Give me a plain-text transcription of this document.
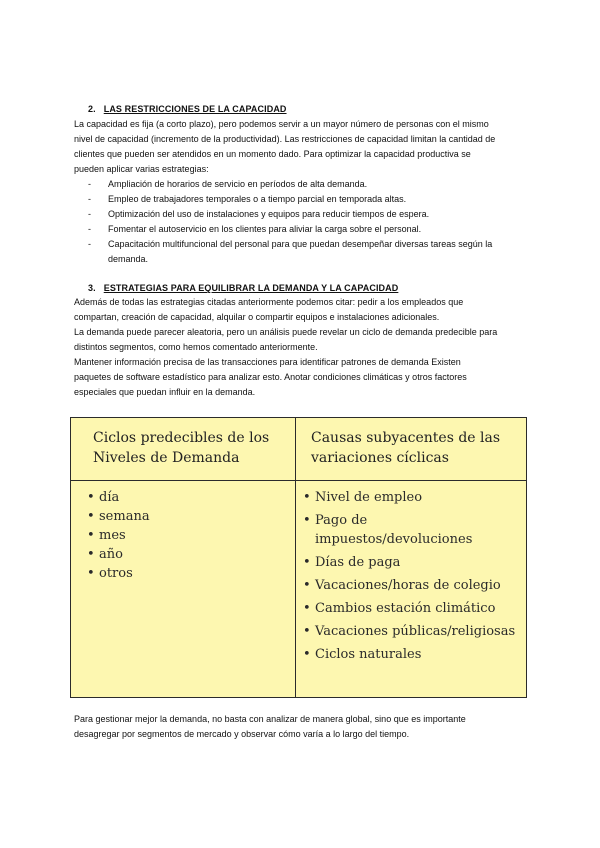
2. LAS RESTRICCIONES DE LA CAPACIDAD
La capacidad es fija (a corto plazo), pero podemos servir a un mayor número de personas con el mismo
nivel de capacidad (incremento de la productividad). Las restricciones de capacidad limitan la cantidad de
clientes que pueden ser atendidos en un momento dado. Para optimizar la capacidad productiva se
pueden aplicar varias estrategias:
- Ampliación de horarios de servicio en períodos de alta demanda.
- Empleo de trabajadores temporales o a tiempo parcial en temporada altas.
- Optimización del uso de instalaciones y equipos para reducir tiempos de espera.
- Fomentar el autoservicio en los clientes para aliviar la carga sobre el personal.
- Capacitación multifuncional del personal para que puedan desempeñar diversas tareas según la
demanda.
3. ESTRATEGIAS PARA EQUILIBRAR LA DEMANDA Y LA CAPACIDAD
Además de todas las estrategias citadas anteriormente podemos citar: pedir a los empleados que
compartan, creación de capacidad, alquilar o compartir equipos e instalaciones adicionales.
La demanda puede parecer aleatoria, pero un análisis puede revelar un ciclo de demanda predecible para
distintos segmentos, como hemos comentado anteriormente.
Mantener información precisa de las transacciones para identificar patrones de demanda Existen
paquetes de software estadístico para analizar esto. Anotar condiciones climáticas y otros factores
especiales que puedan influir en la demanda.
Ciclos predecibles de los Niveles de Demanda
Causas subyacentes de las variaciones cíclicas
• día
• semana
• mes
• año
• otros
• Nivel de empleo
• Pago de impuestos/devoluciones
• Días de paga
• Vacaciones/horas de colegio
• Cambios estación climático
• Vacaciones públicas/religiosas
• Ciclos naturales
Para gestionar mejor la demanda, no basta con analizar de manera global, sino que es importante
desagregar por segmentos de mercado y observar cómo varía a lo largo del tiempo.
